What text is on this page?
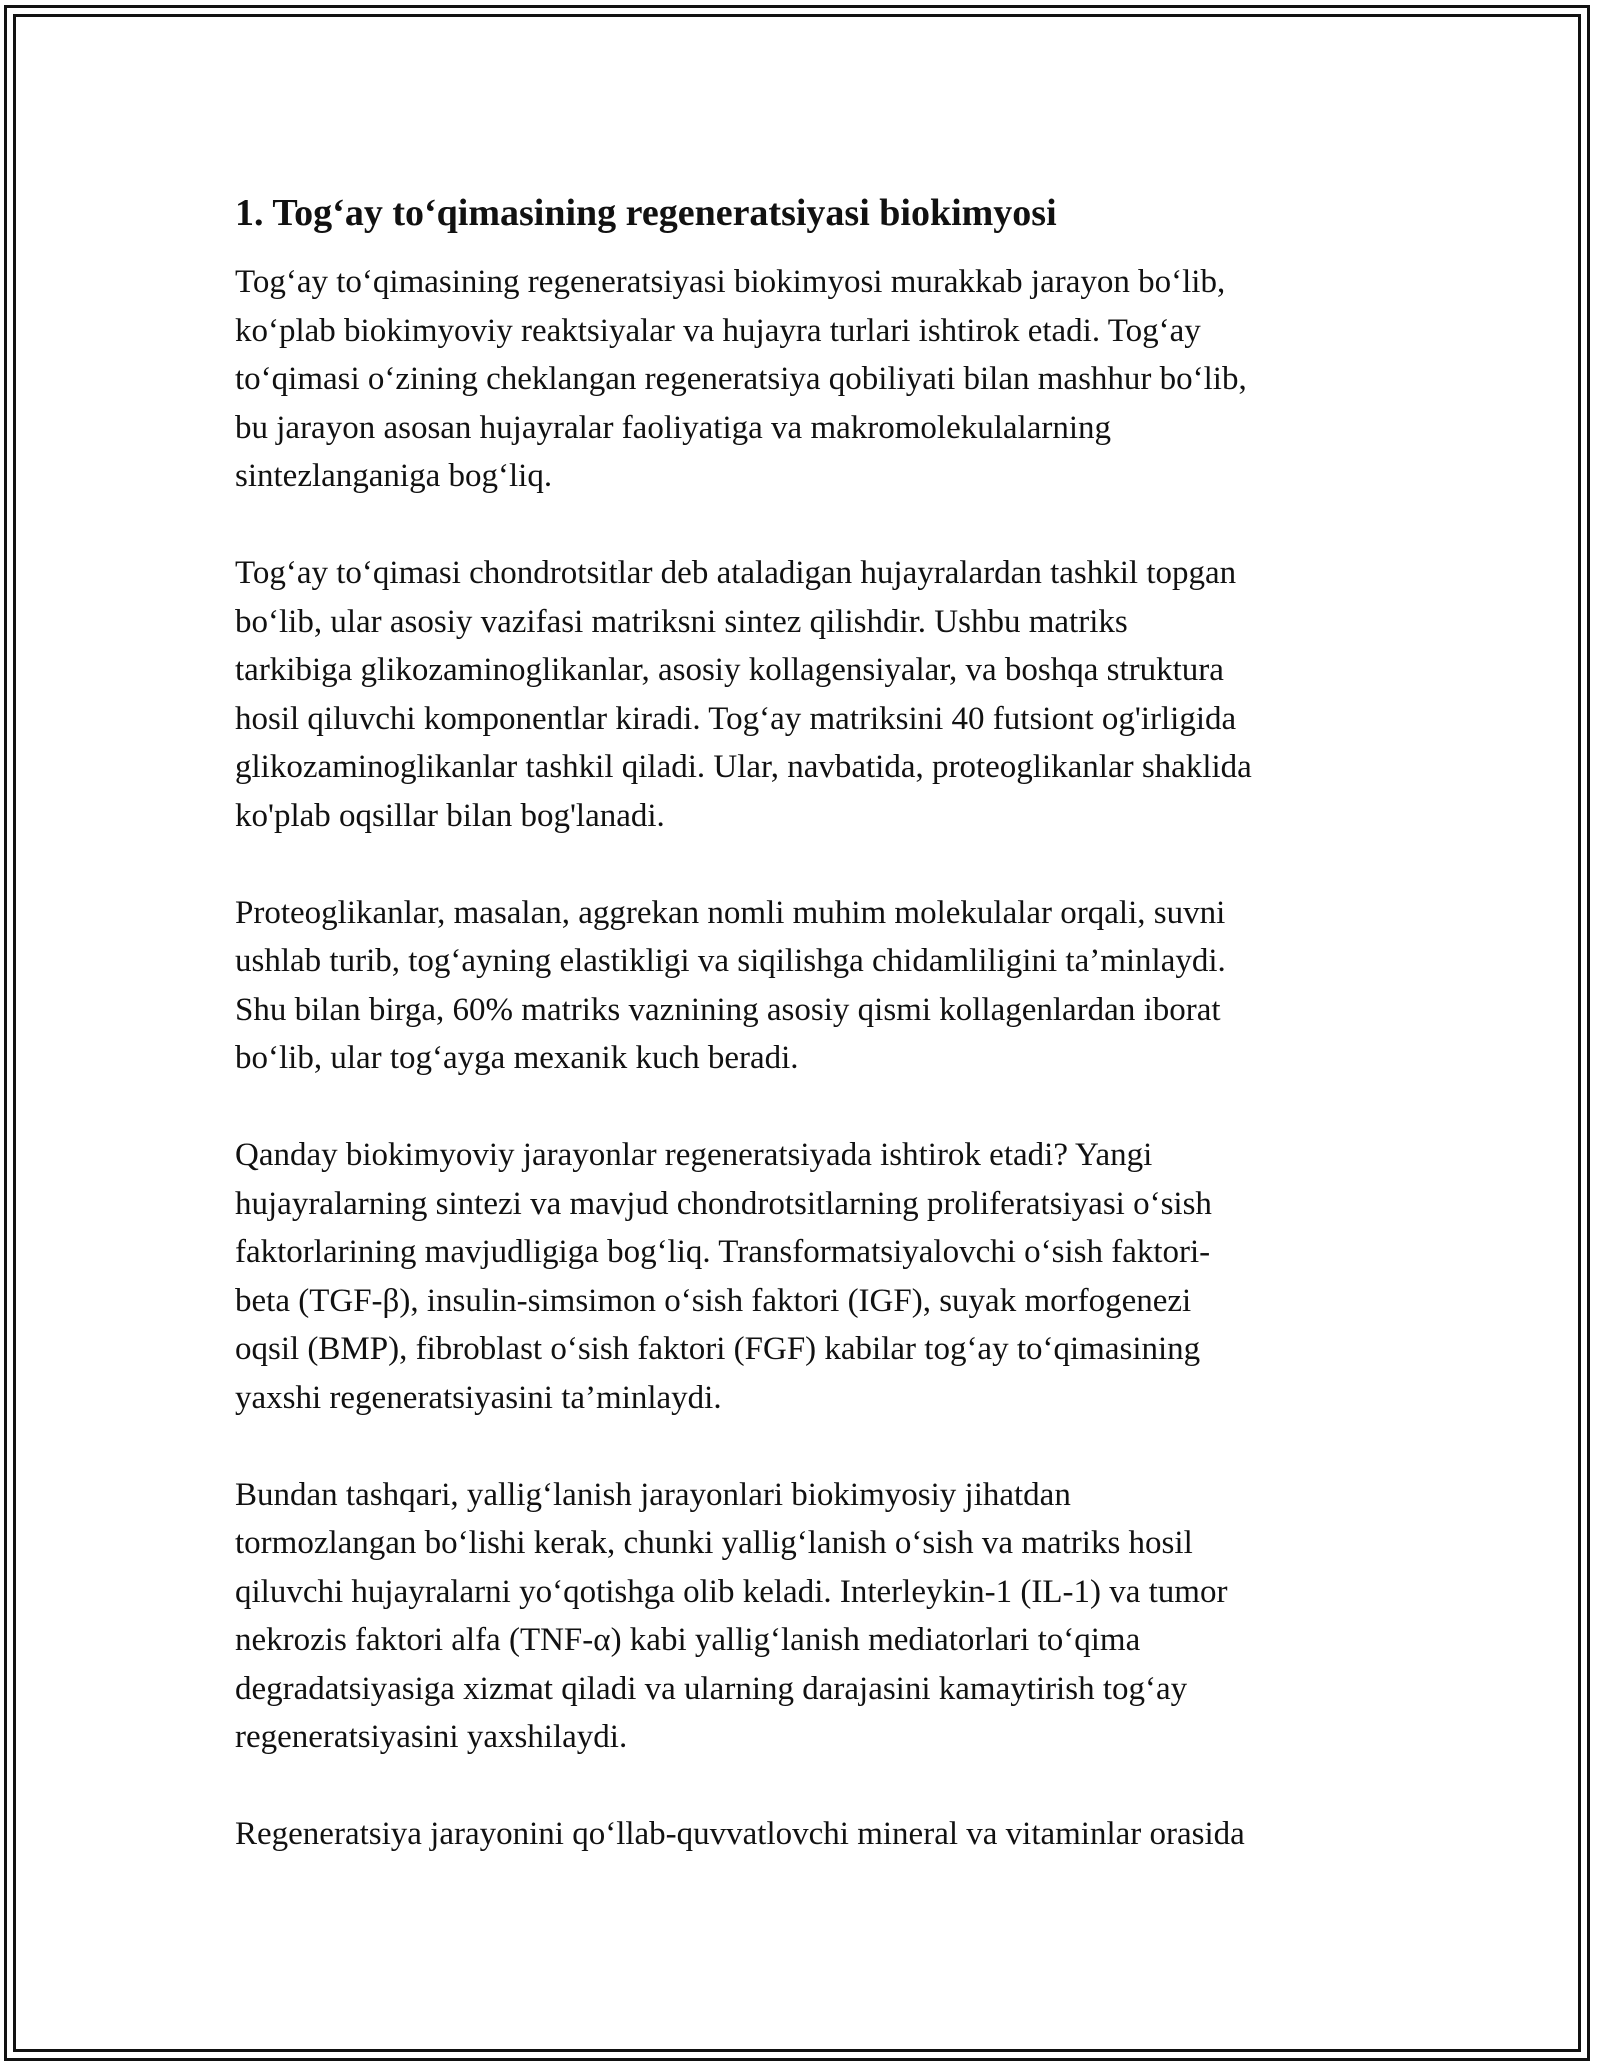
1. Tog‘ay to‘qimasining regeneratsiyasi biokimyosi

Tog‘ay to‘qimasining regeneratsiyasi biokimyosi murakkab jarayon bo‘lib,
ko‘plab biokimyoviy reaktsiyalar va hujayra turlari ishtirok etadi. Tog‘ay
to‘qimasi o‘zining cheklangan regeneratsiya qobiliyati bilan mashhur bo‘lib,
bu jarayon asosan hujayralar faoliyatiga va makromolekulalarning
sintezlanganiga bog‘liq.

Tog‘ay to‘qimasi chondrotsitlar deb ataladigan hujayralardan tashkil topgan
bo‘lib, ular asosiy vazifasi matriksni sintez qilishdir. Ushbu matriks
tarkibiga glikozaminoglikanlar, asosiy kollagensiyalar, va boshqa struktura
hosil qiluvchi komponentlar kiradi. Tog‘ay matriksini 40 futsiont og'irligida
glikozaminoglikanlar tashkil qiladi. Ular, navbatida, proteoglikanlar shaklida
ko'plab oqsillar bilan bog'lanadi.

Proteoglikanlar, masalan, aggrekan nomli muhim molekulalar orqali, suvni
ushlab turib, tog‘ayning elastikligi va siqilishga chidamliligini ta’minlaydi.
Shu bilan birga, 60% matriks vaznining asosiy qismi kollagenlardan iborat
bo‘lib, ular tog‘ayga mexanik kuch beradi.

Qanday biokimyoviy jarayonlar regeneratsiyada ishtirok etadi? Yangi
hujayralarning sintezi va mavjud chondrotsitlarning proliferatsiyasi o‘sish
faktorlarining mavjudligiga bog‘liq. Transformatsiyalovchi o‘sish faktori-
beta (TGF-β), insulin-simsimon o‘sish faktori (IGF), suyak morfogenezi
oqsil (BMP), fibroblast o‘sish faktori (FGF) kabilar tog‘ay to‘qimasining
yaxshi regeneratsiyasini ta’minlaydi.

Bundan tashqari, yallig‘lanish jarayonlari biokimyosiy jihatdan
tormozlangan bo‘lishi kerak, chunki yallig‘lanish o‘sish va matriks hosil
qiluvchi hujayralarni yo‘qotishga olib keladi. Interleykin-1 (IL-1) va tumor
nekrozis faktori alfa (TNF-α) kabi yallig‘lanish mediatorlari to‘qima
degradatsiyasiga xizmat qiladi va ularning darajasini kamaytirish tog‘ay
regeneratsiyasini yaxshilaydi.

Regeneratsiya jarayonini qo‘llab-quvvatlovchi mineral va vitaminlar orasida
